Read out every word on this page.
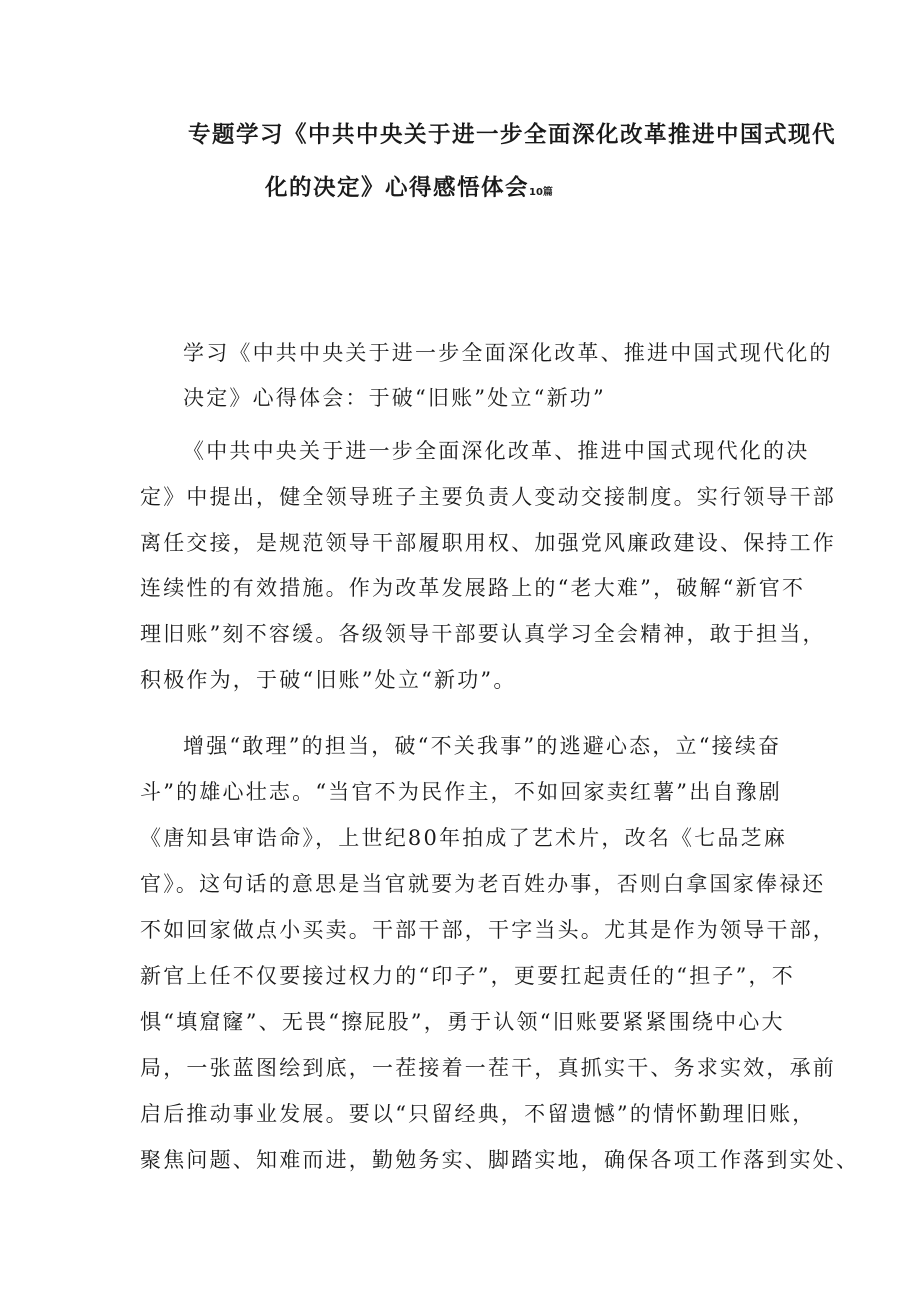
专题学习《中共中央关于进一步全面深化改革推进中国式现代
化的决定》心得感悟体会10篇
学习《中共中央关于进一步全面深化改革、推进中国式现代化的
决定》心得体会：于破“旧账”处立“新功”
《中共中央关于进一步全面深化改革、推进中国式现代化的决
定》中提出，健全领导班子主要负责人变动交接制度。实行领导干部
离任交接，是规范领导干部履职用权、加强党风廉政建设、保持工作
连续性的有效措施。作为改革发展路上的“老大难”，破解“新官不
理旧账”刻不容缓。各级领导干部要认真学习全会精神，敢于担当，
积极作为，于破“旧账”处立“新功”。
增强“敢理”的担当，破“不关我事”的逃避心态，立“接续奋
斗”的雄心壮志。“当官不为民作主，不如回家卖红薯”出自豫剧
《唐知县审诰命》，上世纪80年拍成了艺术片，改名《七品芝麻
官》。这句话的意思是当官就要为老百姓办事，否则白拿国家俸禄还
不如回家做点小买卖。干部干部，干字当头。尤其是作为领导干部，
新官上任不仅要接过权力的“印子”，更要扛起责任的“担子”，不
惧“填窟窿”、无畏“擦屁股”，勇于认领“旧账要紧紧围绕中心大
局，一张蓝图绘到底，一茬接着一茬干，真抓实干、务求实效，承前
启后推动事业发展。要以“只留经典，不留遗憾”的情怀勤理旧账，
聚焦问题、知难而进，勤勉务实、脚踏实地，确保各项工作落到实处、
